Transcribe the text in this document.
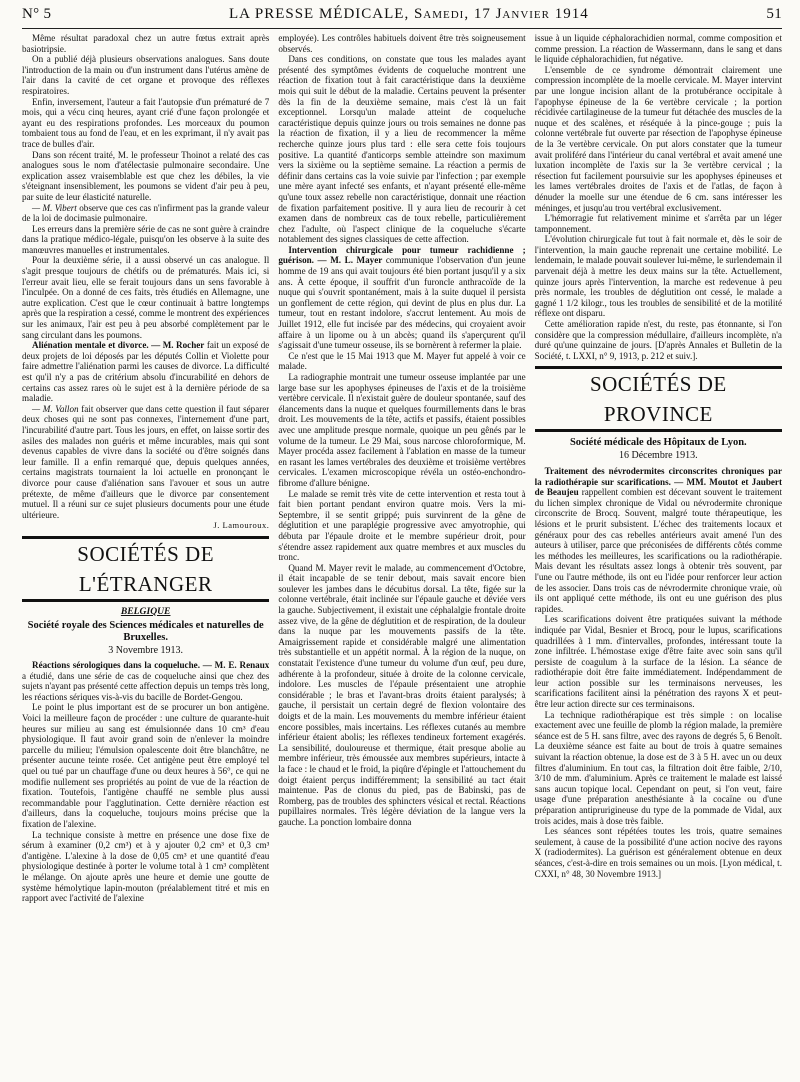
N° 5	LA PRESSE MÉDICALE, Samedi, 17 Janvier 1914	51

Même résultat paradoxal chez un autre fœtus extrait après basiotripsie.

On a publié déjà plusieurs observations analogues. Sans doute l'introduction de la main ou d'un instrument dans l'utérus amène de l'air dans la cavité de cet organe et provoque des réflexes respiratoires.

Enfin, inversement, l'auteur a fait l'autopsie d'un prématuré de 7 mois, qui a vécu cinq heures, ayant crié d'une façon prolongée et ayant eu des respirations profondes. Les morceaux du poumon tombaient tous au fond de l'eau, et en les exprimant, il n'y avait pas trace de bulles d'air.

Dans son récent traité, M. le professeur Thoinot a relaté des cas analogues sous le nom d'atélectasie pulmonaire secondaire. Une explication assez vraisemblable est que chez les débiles, la vie s'éteignant insensiblement, les poumons se vident d'air peu à peu, par suite de leur élasticité naturelle.

— M. Vibert observe que ces cas n'infirment pas la grande valeur de la loi de docimasie pulmonaire.

Les erreurs dans la première série de cas ne sont guère à craindre dans la pratique médico-légale, puisqu'on les observe à la suite des manœuvres manuelles et instrumentales.

Pour la deuxième série, il a aussi observé un cas analogue. Il s'agit presque toujours de chétifs ou de prématurés. Mais ici, si l'erreur avait lieu, elle se ferait toujours dans un sens favorable à l'inculpée. On a donné de ces faits, très étudiés en Allemagne, une autre explication. C'est que le cœur continuait à battre longtemps après que la respiration a cessé, comme le montrent des expériences sur les animaux, l'air est peu à peu absorbé complètement par le sang circulant dans les poumons.

Aliénation mentale et divorce. — M. Rocher fait un exposé de deux projets de loi déposés par les députés Collin et Violette pour faire admettre l'aliénation parmi les causes de divorce. La difficulté est qu'il n'y a pas de critérium absolu d'incurabilité en dehors de certains cas assez rares où le sujet est à la dernière période de sa maladie.

— M. Vallon fait observer que dans cette question il faut séparer deux choses qui ne sont pas connexes, l'internement d'une part, l'incurabilité d'autre part. Tous les jours, en effet, on laisse sortir des asiles des malades non guéris et même incurables, mais qui sont devenus capables de vivre dans la société ou d'être soignés dans leur famille. Il a enfin remarqué que, depuis quelques années, certains magistrats tournaient la loi actuelle en prononçant le divorce pour cause d'aliénation sans l'avouer et sous un autre prétexte, de même d'ailleurs que le divorce par consentement mutuel. Il a réuni sur ce sujet plusieurs documents pour une étude ultérieure.

J. Lamouroux.
SOCIÉTÉS DE L'ÉTRANGER
BELGIQUE
Société royale des Sciences médicales et naturelles de Bruxelles.
3 Novembre 1913.

Réactions sérologiques dans la coqueluche. — M. E. Renaux a étudié, dans une série de cas de coqueluche ainsi que chez des sujets n'ayant pas présenté cette affection depuis un temps très long, les réactions sériques vis-à-vis du bacille de Bordet-Gengou.

Le point le plus important est de se procurer un bon antigène. Voici la meilleure façon de procéder : une culture de quarante-huit heures sur milieu au sang est émulsionnée dans 10 cm³ d'eau physiologique. Il faut avoir grand soin de n'enlever la moindre parcelle du milieu; l'émulsion opalescente doit être blanchâtre, ne présenter aucune teinte rosée. Cet antigène peut être employé tel quel ou tué par un chauffage d'une ou deux heures à 56°, ce qui ne modifie nullement ses propriétés au point de vue de la réaction de fixation. Toutefois, l'antigène chauffé ne semble plus aussi recommandable pour l'agglutination. Cette dernière réaction est d'ailleurs, dans la coqueluche, toujours moins précise que la fixation de l'alexine.

La technique consiste à mettre en présence une dose fixe de sérum à examiner (0,2 cm³) et à y ajouter 0,2 cm³ et 0,3 cm³ d'antigène. L'alexine à la dose de 0,05 cm³ et une quantité d'eau physiologique destinée à porter le volume total à 1 cm³ complètent le mélange. On ajoute après une heure et demie une goutte de système hémolytique lapin-mouton (préalablement titré et mis en rapport avec l'activité de l'alexine

employée). Les contrôles habituels doivent être très soigneusement observés.

Dans ces conditions, on constate que tous les malades ayant présenté des symptômes évidents de coqueluche montrent une réaction de fixation tout à fait caractéristique dans la deuxième mois qui suit le début de la maladie. Certains peuvent la présenter dès la fin de la deuxième semaine, mais c'est là un fait exceptionnel. Lorsqu'un malade atteint de coqueluche caractéristique depuis quinze jours ou trois semaines ne donne pas la réaction de fixation, il y a lieu de recommencer la même recherche quinze jours plus tard : elle sera cette fois toujours positive. La quantité d'anticorps semble atteindre son maximum vers la sixième ou la septième semaine. La réaction a permis de définir dans certains cas la voie suivie par l'infection ; par exemple une mère ayant infecté ses enfants, et n'ayant présenté elle-même qu'une toux assez rebelle non caractéristique, donnait une réaction de fixation parfaitement positive. Il y aura lieu de recourir à cet examen dans de nombreux cas de toux rebelle, particulièrement chez l'adulte, où l'aspect clinique de la coqueluche s'écarte notablement des signes classiques de cette affection.

Intervention chirurgicale pour tumeur rachidienne ; guérison. — M. L. Mayer communique l'observation d'un jeune homme de 19 ans qui avait toujours été bien portant jusqu'il y a six ans. À cette époque, il souffrit d'un furoncle anthracoïde de la nuque qui s'ouvrit spontanément, mais à la suite duquel il persista un gonflement de cette région, qui devint de plus en plus dur. La tumeur, tout en restant indolore, s'accrut lentement. Au mois de Juillet 1912, elle fut incisée par des médecins, qui croyaient avoir affaire à un lipome ou à un abcès; quand ils s'aperçurent qu'il s'agissait d'une tumeur osseuse, ils se bornèrent à refermer la plaie.

Ce n'est que le 15 Mai 1913 que M. Mayer fut appelé à voir ce malade.

La radiographie montrait une tumeur osseuse implantée par une large base sur les apophyses épineuses de l'axis et de la troisième vertèbre cervicale. Il n'existait guère de douleur spontanée, sauf des élancements dans la nuque et quelques fourmillements dans le bras droit. Les mouvements de la tête, actifs et passifs, étaient possibles avec une amplitude presque normale, quoique un peu gênés par le volume de la tumeur. Le 29 Mai, sous narcose chloroformique, M. Mayer procéda assez facilement à l'ablation en masse de la tumeur en rasant les lames vertébrales des deuxième et troisième vertèbres cervicales. L'examen microscopique révéla un ostéo-enchondro-fibrome d'allure bénigne.

Le malade se remit très vite de cette intervention et resta tout à fait bien portant pendant environ quatre mois. Vers la mi-Septembre, il se sentit grippé; puis survinrent de la gêne de déglutition et une paraplégie progressive avec amyotrophie, qui débuta par l'épaule droite et le membre supérieur droit, pour s'étendre assez rapidement aux quatre membres et aux muscles du tronc.

Quand M. Mayer revit le malade, au commencement d'Octobre, il était incapable de se tenir debout, mais savait encore bien soulever les jambes dans le décubitus dorsal. La tête, figée sur la colonne vertébrale, était inclinée sur l'épaule gauche et déviée vers la gauche. Subjectivement, il existait une céphalalgie frontale droite assez vive, de la gêne de déglutition et de respiration, de la douleur dans la nuque par les mouvements passifs de la tête. Amaigrissement rapide et considérable malgré une alimentation très substantielle et un appétit normal. À la région de la nuque, on constatait l'existence d'une tumeur du volume d'un œuf, peu dure, adhérente à la profondeur, située à droite de la colonne cervicale, indolore. Les muscles de l'épaule présentaient une atrophie considérable ; le bras et l'avant-bras droits étaient paralysés; à gauche, il persistait un certain degré de flexion volontaire des doigts et de la main. Les mouvements du membre inférieur étaient encore possibles, mais incertains. Les réflexes cutanés au membre inférieur étaient abolis; les réflexes tendineux fortement exagérés. La sensibilité, douloureuse et thermique, était presque abolie au membre inférieur, très émoussée aux membres supérieurs, intacte à la face : le chaud et le froid, la piqûre d'épingle et l'attouchement du doigt étaient perçus indifféremment; la sensibilité au tact était maintenue. Pas de clonus du pied, pas de Babinski, pas de Romberg, pas de troubles des sphincters vésical et rectal. Réactions pupillaires normales. Très légère déviation de la langue vers la gauche. La ponction lombaire donna

issue à un liquide céphalorachidien normal, comme composition et comme pression. La réaction de Wassermann, dans le sang et dans le liquide céphalorachidien, fut négative.

L'ensemble de ce syndrome démontrait clairement une compression incomplète de la moelle cervicale. M. Mayer intervint par une longue incision allant de la protubérance occipitale à l'apophyse épineuse de la 6e vertèbre cervicale ; la portion récidivée cartilagineuse de la tumeur fut détachée des muscles de la nuque et des scalènes, et réséquée à la pince-gouge ; puis la colonne vertébrale fut ouverte par résection de l'apophyse épineuse de la 3e vertèbre cervicale. On put alors constater que la tumeur avait proliféré dans l'intérieur du canal vertébral et avait amené une luxation incomplète de l'axis sur la 3e vertèbre cervical ; la résection fut facilement poursuivie sur les apophyses épineuses et les lames vertébrales droites de l'axis et de l'atlas, de façon à dénuder la moelle sur une étendue de 6 cm. sans intéresser les méninges, et jusqu'au trou vertébral exclusivement.

L'hémorragie fut relativement minime et s'arrêta par un léger tamponnement.

L'évolution chirurgicale fut tout à fait normale et, dès le soir de l'intervention, la main gauche reprenait une certaine mobilité. Le lendemain, le malade pouvait soulever lui-même, le surlendemain il parvenait déjà à mettre les deux mains sur la tête. Actuellement, quinze jours après l'intervention, la marche est redevenue à peu près normale, les troubles de déglutition ont cessé, le malade a gagné 1 1/2 kilogr., tous les troubles de sensibilité et de la motilité réflexe ont disparu.

Cette amélioration rapide n'est, du reste, pas étonnante, si l'on considère que la compression médullaire, d'ailleurs incomplète, n'a duré qu'une quinzaine de jours. [D'après Annales et Bulletin de la Société, t. LXXI, n° 9, 1913, p. 212 et suiv.].

SOCIÉTÉS DE PROVINCE
Société médicale des Hôpitaux de Lyon.
16 Décembre 1913.

Traitement des névrodermites circonscrites chroniques par la radiothérapie sur scarifications. — MM. Moutot et Jaubert de Beaujeu rappellent combien est décevant souvent le traitement du lichen simplex chronique de Vidal ou névrodermite chronique circonscrite de Brocq. Souvent, malgré toute thérapeutique, les lésions et le prurit subsistent. L'échec des traitements locaux et généraux pour des cas rebelles antérieurs avait amené l'un des auteurs à utiliser, parce que préconisées de différents côtés comme les méthodes les meilleures, les scarifications ou la radiothérapie. Mais devant les résultats assez longs à obtenir très souvent, par l'une ou l'autre méthode, ils ont eu l'idée pour renforcer leur action de les associer. Dans trois cas de névrodermite chronique vraie, où ils ont appliqué cette méthode, ils ont eu une guérison des plus rapides.

Les scarifications doivent être pratiquées suivant la méthode indiquée par Vidal, Besnier et Brocq, pour le lupus, scarifications quadrillées à 1 mm. d'intervalles, profondes, intéressant toute la zone infiltrée. L'hémostase exige d'être faite avec soin sans qu'il persiste de coagulum à la surface de la lésion. La séance de radiothérapie doit être faite immédiatement. Indépendamment de leur action possible sur les terminaisons nerveuses, les scarifications facilitent ainsi la pénétration des rayons X et peut-être leur action directe sur ces terminaisons.

La technique radiothérapique est très simple : on localise exactement avec une feuille de plomb la région malade, la première séance est de 5 H. sans filtre, avec des rayons de degrés 5, 6 Benoît. La deuxième séance est faite au bout de trois à quatre semaines suivant la réaction obtenue, la dose est de 3 à 5 H. avec un ou deux filtres d'aluminium. En tout cas, la filtration doit être faible, 2/10, 3/10 de mm. d'aluminium. Après ce traitement le malade est laissé sans aucun topique local. Cependant on peut, si l'on veut, faire usage d'une préparation anesthésiante à la cocaïne ou d'une préparation antiprurigineuse du type de la pommade de Vidal, aux trois acides, mais à dose très faible.

Les séances sont répétées toutes les trois, quatre semaines seulement, à cause de la possibilité d'une action nocive des rayons X (radiodermites). La guérison est généralement obtenue en deux séances, c'est-à-dire en trois semaines ou un mois. [Lyon médical, t. CXXI, n° 48, 30 Novembre 1913.]
